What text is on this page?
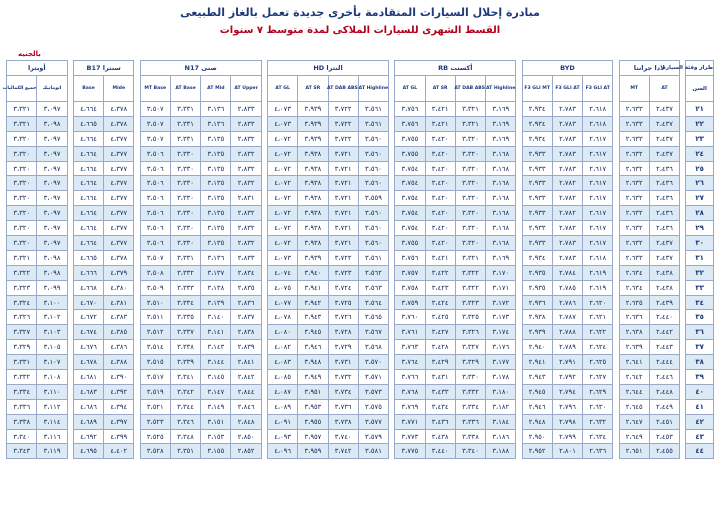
مبادرة إحلال السيارات المتقادمة بأخرى جديدة تعمل بالغاز الطبيعى
القسط الشهرى للسيارات الملاكى لمدة متوسط ٧ سنوات
بالجنيه
طراز وفئة السيارة		لادا جرانتا			BYD				أكسنت RB					النترا HD					صنى N17					سنترا B17			أوبترا	
السن		AT	MT		F3 GLI AT	F3 GLI AT	F3 GLI MT		AT Highline	AT DAB ABS	AT SR	AT GL		AT Highline	AT DAB ABS	AT SR	AT GL		AT Upper	AT Mid	AT Base	MT Base		Mide	Base		اتوماتيك	جميع الكماليات
٢١		٢،٤٣٧	٢،٦٣٣		٢،٦١٨	٢،٧٨٣	٢،٩٣٤		٣،١٦٩	٣،٣٢١	٣،٤٢١	٣،٧٥٦		٣،٥٦١	٣،٧٢٢	٣،٩٣٩	٤،٠٧٣		٢،٨٣٣	٣،١٣٦	٣،٣٣١	٣،٥٠٧		٤،٣٧٨	٤،٦٦٤		٣،٠٩٧	٣،٣٢١
٢٢		٢،٤٣٧	٢،٦٣٣		٢،٦١٨	٢،٧٨٣	٢،٩٣٤		٣،١٦٩	٣،٣٢١	٣،٤٢١	٣،٧٥٦		٣،٥٦١	٣،٧٢٢	٣،٩٣٩	٤،٠٧٣		٢،٨٣٣	٣،١٣٦	٣،٣٣١	٣،٥٠٧		٤،٣٧٨	٤،٦٦٥		٣،٠٩٨	٣،٣٢١
٢٣		٢،٤٣٧	٢،٦٣٣		٢،٦١٧	٢،٧٨٣	٢،٩٣٤		٣،١٦٩	٣،٣٢٠	٣،٤٢٠	٣،٧٥٥		٣،٥٦٠	٣،٧٢٢	٣،٩٣٩	٤،٠٧٢		٢،٨٣٢	٣،١٣٥	٣،٣٣١	٣،٥٠٧		٤،٣٧٧	٤،٦٦٤		٣،٠٩٧	٣،٣٢٠
٢٤		٢،٤٣٧	٢،٦٣٢		٢،٦١٧	٢،٧٨٣	٢،٩٣٣		٣،١٦٨	٣،٣٢٠	٣،٤٢٠	٣،٧٥٥		٣،٥٦٠	٣،٧٢١	٣،٩٣٨	٤،٠٧٢		٢،٨٣٢	٣،١٣٥	٣،٣٣٠	٣،٥٠٦		٤،٣٧٧	٤،٦٦٤		٣،٠٩٧	٣،٣٢٠
٢٥		٢،٤٣٦	٢،٦٣٢		٢،٦١٧	٢،٧٨٣	٢،٩٣٣		٣،١٦٨	٣،٣٢٠	٣،٤٢٠	٣،٧٥٤		٣،٥٦٠	٣،٧٢١	٣،٩٣٨	٤،٠٧٢		٢،٨٣٢	٣،١٣٥	٣،٣٣٠	٣،٥٠٦		٤،٣٧٧	٤،٦٦٤		٣،٠٩٧	٣،٣٢٠
٢٦		٢،٤٣٦	٢،٦٣٢		٢،٦١٧	٢،٧٨٢	٢،٩٣٣		٣،١٦٨	٣،٣٢٠	٣،٤٢٠	٣،٧٥٤		٣،٥٦٠	٣،٧٢١	٣،٩٣٨	٤،٠٧٢		٢،٨٣٢	٣،١٣٥	٣،٣٣٠	٣،٥٠٦		٤،٣٧٧	٤،٦٦٤		٣،٠٩٧	٣،٣٢٠
٢٧		٢،٤٣٦	٢،٦٣٢		٢،٦١٧	٢،٧٨٢	٢،٩٣٣		٣،١٦٨	٣،٣٢٠	٣،٤٢٠	٣،٧٥٤		٣،٥٥٩	٣،٧٢١	٣،٩٣٨	٤،٠٧٢		٢،٨٣١	٣،١٣٥	٣،٣٣٠	٣،٥٠٦		٤،٣٧٧	٤،٦٦٤		٣،٠٩٧	٣،٣٢٠
٢٨		٢،٤٣٦	٢،٦٣٢		٢،٦١٧	٢،٧٨٢	٢،٩٣٣		٣،١٦٨	٣،٣٢٠	٣،٤٢٠	٣،٧٥٤		٣،٥٦٠	٣،٧٢١	٣،٩٣٨	٤،٠٧٢		٢،٨٣٢	٣،١٣٥	٣،٣٣٠	٣،٥٠٦		٤،٣٧٧	٤،٦٦٤		٣،٠٩٧	٣،٣٢٠
٢٩		٢،٤٣٦	٢،٦٣٢		٢،٦١٧	٢،٧٨٢	٢،٩٣٣		٣،١٦٨	٣،٣٢٠	٣،٤٢٠	٣،٧٥٤		٣،٥٦٠	٣،٧٢١	٣،٩٣٨	٤،٠٧٢		٢،٨٣٢	٣،١٣٥	٣،٣٣٠	٣،٥٠٦		٤،٣٧٧	٤،٦٦٤		٣،٠٩٧	٣،٣٢٠
٣٠		٢،٤٣٧	٢،٦٣٢		٢،٦١٧	٢،٧٨٣	٢،٩٣٣		٣،١٦٨	٣،٣٢٠	٣،٤٢٠	٣،٧٥٥		٣،٥٦٠	٣،٧٢١	٣،٩٣٨	٤،٠٧٢		٢،٨٣٢	٣،١٣٥	٣،٣٣٠	٣،٥٠٦		٤،٣٧٧	٤،٦٦٤		٣،٠٩٧	٣،٣٢٠
٣١		٢،٤٣٧	٢،٦٣٣		٢،٦١٨	٢،٧٨٣	٢،٩٣٤		٣،١٦٩	٣،٣٢١	٣،٤٢١	٣،٧٥٦		٣،٥٦١	٣،٧٢٢	٣،٩٣٩	٤،٠٧٣		٢،٨٣٣	٣،١٣٦	٣،٣٣١	٣،٥٠٧		٤،٣٧٨	٤،٦٦٥		٣،٠٩٨	٣،٣٢١
٣٢		٢،٤٣٨	٢،٦٣٤		٢،٦١٩	٢،٧٨٤	٢،٩٣٥		٣،١٧٠	٣،٣٢٢	٣،٤٢٢	٣،٧٥٧		٣،٥٦٢	٣،٧٢٣	٣،٩٤٠	٤،٠٧٤		٢،٨٣٤	٣،١٣٧	٣،٣٣٢	٣،٥٠٨		٤،٣٧٩	٤،٦٦٦		٣،٠٩٨	٣،٣٢٢
٣٣		٢،٤٣٨	٢،٦٣٤		٢،٦١٩	٢،٧٨٥	٢،٩٣٥		٣،١٧١	٣،٣٢٢	٣،٤٢٣	٣،٧٥٨		٣،٥٦٣	٣،٧٢٤	٣،٩٤١	٤،٠٧٥		٢،٨٣٥	٣،١٣٨	٣،٣٣٣	٣،٥٠٩		٤،٣٨٠	٤،٦٦٨		٣،٠٩٩	٣،٣٢٣
٣٤		٢،٤٣٩	٢،٦٣٥		٢،٦٢٠	٢،٧٨٦	٢،٩٣٦		٣،١٧٢	٣،٣٢٣	٣،٤٢٤	٣،٧٥٩		٣،٥٦٤	٣،٧٢٥	٣،٩٤٢	٤،٠٧٧		٢،٨٣٦	٣،١٣٩	٣،٣٣٤	٣،٥١٠		٤،٣٨١	٤،٦٧٠		٣،١٠٠	٣،٣٢٤
٣٥		٢،٤٤٠	٢،٦٣٦		٢،٦٢١	٢،٧٨٧	٢،٩٣٨		٣،١٧٣	٣،٣٢٥	٣،٤٢٥	٣،٧٦٠		٣،٥٦٥	٣،٧٢٦	٣،٩٤٣	٤،٠٧٨		٢،٨٣٧	٣،١٤٠	٣،٣٣٥	٣،٥١١		٤،٣٨٣	٤،٦٧٢		٣،١٠٢	٣،٣٢٦
٣٦		٢،٤٤٢	٢،٦٣٨		٢،٦٢٢	٢،٧٨٨	٢،٩٣٩		٣،١٧٤	٣،٣٢٦	٣،٤٢٧	٣،٧٦١		٣،٥٦٧	٣،٧٢٨	٣،٩٤٥	٤،٠٨٠		٢،٨٣٨	٣،١٤١	٣،٣٣٧	٣،٥١٢		٤،٣٨٥	٤،٦٧٤		٣،١٠٣	٣،٣٢٧
٣٧		٢،٤٤٣	٢،٦٣٩		٢،٦٢٤	٢،٧٨٩	٢،٩٤٠		٣،١٧٦	٣،٣٢٧	٣،٤٢٨	٣،٧٦٣		٣،٥٦٨	٣،٧٢٩	٣،٩٤٦	٤،٠٨٢		٢،٨٣٩	٣،١٤٣	٣،٣٣٨	٣،٥١٤		٤،٣٨٦	٤،٦٧٦		٣،١٠٥	٣،٣٢٩
٣٨		٢،٤٤٤	٢،٦٤١		٢،٦٢٥	٢،٧٩١	٢،٩٤١		٣،١٧٧	٣،٣٢٩	٣،٤٢٩	٣،٧٦٤		٣،٥٧٠	٣،٧٣١	٣،٩٤٨	٤،٠٨٣		٢،٨٤١	٣،١٤٤	٣،٣٣٩	٣،٥١٥		٤،٣٨٨	٤،٦٧٨		٣،١٠٧	٣،٣٣١
٣٩		٢،٤٤٦	٢،٦٤٢		٢،٦٢٧	٢،٧٩٢	٢،٩٤٣		٣،١٧٨	٣،٣٣٠	٣،٤٣١	٣،٧٦٦		٣،٥٧١	٣،٧٣٢	٣،٩٤٩	٤،٠٨٥		٢،٨٤٢	٣،١٤٥	٣،٣٤١	٣،٥١٧		٤،٣٩٠	٤،٦٨١		٣،١٠٨	٣،٣٣٢
٤٠		٢،٤٤٨	٢،٦٤٤		٢،٦٢٩	٢،٧٩٤	٢،٩٤٥		٣،١٨٠	٣،٣٣٢	٣،٤٣٣	٣،٧٦٨		٣،٥٧٣	٣،٧٣٤	٣،٩٥١	٤،٠٨٧		٢،٨٤٤	٣،١٤٧	٣،٣٤٢	٣،٥١٩		٤،٣٩٢	٤،٦٨٣		٣،١١٠	٣،٣٣٤
٤١		٢،٤٤٩	٢،٦٤٥		٢،٦٣٠	٢،٧٩٦	٢،٩٤٦		٣،١٨٢	٣،٣٣٤	٣،٤٣٤	٣،٧٦٩		٣،٥٧٥	٣،٧٣٦	٣،٩٥٣	٤،٠٨٩		٢،٨٤٦	٣،١٤٩	٣،٣٤٤	٣،٥٢١		٤،٣٩٤	٤،٦٨٦		٣،١١٢	٣،٣٣٦
٤٢		٢،٤٥١	٢،٦٤٧		٢،٦٣٢	٢،٧٩٨	٢،٩٤٨		٣،١٨٤	٣،٣٣٦	٣،٤٣٦	٣،٧٧١		٣،٥٧٧	٣،٧٣٨	٣،٩٥٥	٤،٠٩١		٢،٨٤٨	٣،١٥١	٣،٣٤٦	٣،٥٢٣		٤،٣٩٧	٤،٦٨٩		٣،١١٤	٣،٣٣٨
٤٣		٢،٤٥٣	٢،٦٤٩		٢،٦٣٤	٢،٧٩٩	٢،٩٥٠		٣،١٨٦	٣،٣٣٨	٣،٤٣٨	٣،٧٧٣		٣،٥٧٩	٣،٧٤٠	٣،٩٥٧	٤،٠٩٣		٢،٨٥٠	٣،١٥٣	٣،٣٤٨	٣،٥٢٥		٤،٣٩٩	٤،٦٩٢		٣،١١٦	٣،٣٤٠
٤٤		٢،٤٥٥	٢،٦٥١		٢،٦٣٦	٢،٨٠١	٢،٩٥٢		٣،١٨٨	٣،٣٤٠	٣،٤٤٠	٣،٧٧٥		٣،٥٨١	٣،٧٤٢	٣،٩٥٩	٤،٠٩٦		٢،٨٥٢	٣،١٥٥	٣،٣٥١	٣،٥٢٨		٤،٤٠٢	٤،٦٩٥		٣،١١٩	٣،٣٤٣
